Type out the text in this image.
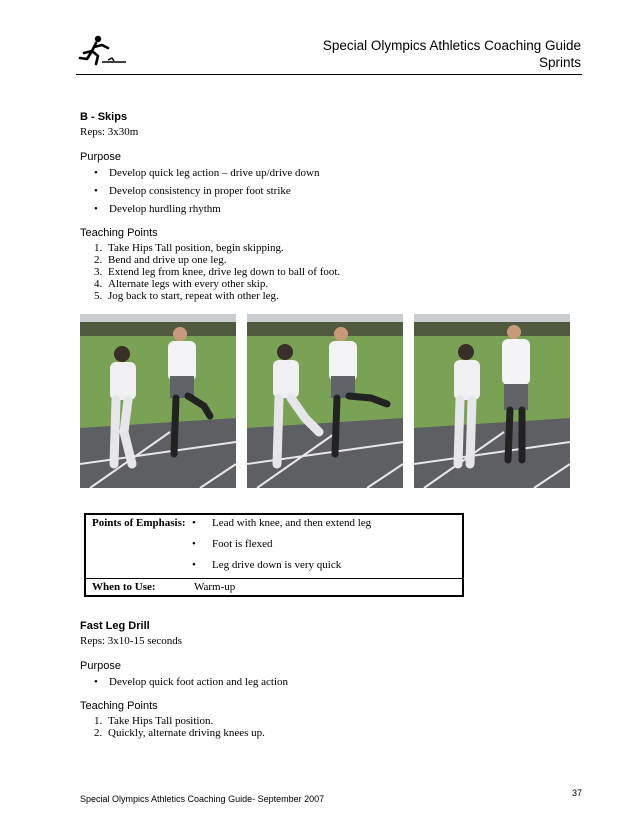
Special Olympics Athletics Coaching Guide
Sprints
B - Skips
Reps: 3x30m
Purpose
• Develop quick leg action – drive up/drive down
• Develop consistency in proper foot strike
• Develop hurdling rhythm
Teaching Points
1. Take Hips Tall position, begin skipping.
2. Bend and drive up one leg.
3. Extend leg from knee, drive leg down to ball of foot.
4. Alternate legs with every other skip.
5. Jog back to start, repeat with other leg.
Points of Emphasis: • Lead with knee, and then extend leg
• Foot is flexed
• Leg drive down is very quick
When to Use:	Warm-up
Fast Leg Drill
Reps: 3x10-15 seconds
Purpose
• Develop quick foot action and leg action
Teaching Points
1. Take Hips Tall position.
2. Quickly, alternate driving knees up.
Special Olympics Athletics Coaching Guide- September 2007
37
